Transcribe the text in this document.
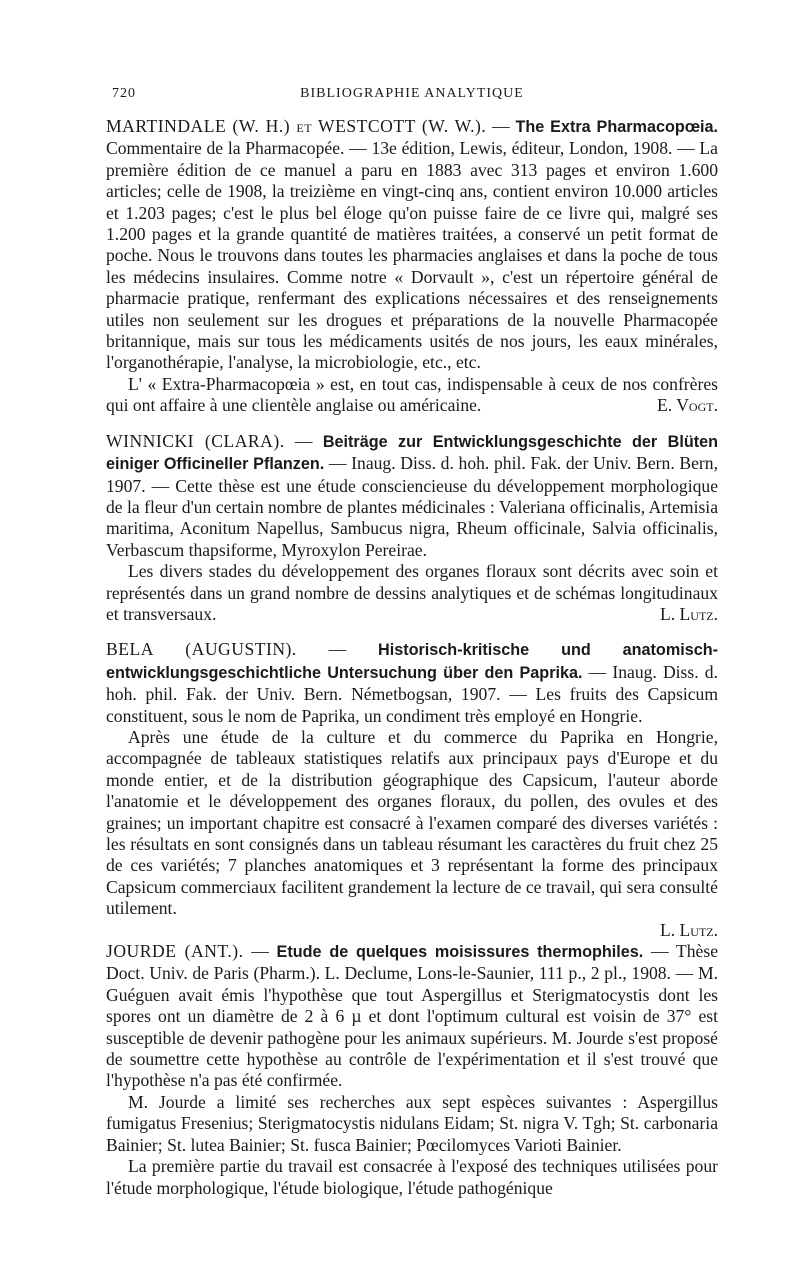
720	BIBLIOGRAPHIE ANALYTIQUE

MARTINDALE (W. H.) et WESTCOTT (W. W.). — The Extra Pharmacopœia. Commentaire de la Pharmacopée. — 13e édition, Lewis, éditeur, London, 1908. — La première édition de ce manuel a paru en 1883 avec 313 pages et environ 1.600 articles; celle de 1908, la treizième en vingt-cinq ans, contient environ 10.000 articles et 1.203 pages; c'est le plus bel éloge qu'on puisse faire de ce livre qui, malgré ses 1.200 pages et la grande quantité de matières traitées, a conservé un petit format de poche. Nous le trouvons dans toutes les pharmacies anglaises et dans la poche de tous les médecins insulaires. Comme notre « Dorvault », c'est un répertoire général de pharmacie pratique, renfermant des explications nécessaires et des renseignements utiles non seulement sur les drogues et préparations de la nouvelle Pharmacopée britannique, mais sur tous les médicaments usités de nos jours, les eaux minérales, l'organothérapie, l'analyse, la microbiologie, etc., etc.

L' « Extra-Pharmacopœia » est, en tout cas, indispensable à ceux de nos confrères qui ont affaire à une clientèle anglaise ou américaine.	E. Vogt.

WINNICKI (CLARA). — Beiträge zur Entwicklungsgeschichte der Blüten einiger Officineller Pflanzen. — Inaug. Diss. d. hoh. phil. Fak. der Univ. Bern. Bern, 1907. — Cette thèse est une étude consciencieuse du développement morphologique de la fleur d'un certain nombre de plantes médicinales : Valeriana officinalis, Artemisia maritima, Aconitum Napellus, Sambucus nigra, Rheum officinale, Salvia officinalis, Verbascum thapsiforme, Myroxylon Pereirae.

Les divers stades du développement des organes floraux sont décrits avec soin et représentés dans un grand nombre de dessins analytiques et de schémas longitudinaux et transversaux.	L. Lutz.

BELA (AUGUSTIN). — Historisch-kritische und anatomisch-entwicklungsgeschichtliche Untersuchung über den Paprika. — Inaug. Diss. d. hoh. phil. Fak. der Univ. Bern. Németbogsan, 1907. — Les fruits des Capsicum constituent, sous le nom de Paprika, un condiment très employé en Hongrie.

Après une étude de la culture et du commerce du Paprika en Hongrie, accompagnée de tableaux statistiques relatifs aux principaux pays d'Europe et du monde entier, et de la distribution géographique des Capsicum, l'auteur aborde l'anatomie et le développement des organes floraux, du pollen, des ovules et des graines; un important chapitre est consacré à l'examen comparé des diverses variétés : les résultats en sont consignés dans un tableau résumant les caractères du fruit chez 25 de ces variétés; 7 planches anatomiques et 3 représentant la forme des principaux Capsicum commerciaux facilitent grandement la lecture de ce travail, qui sera consulté utilement.

L. Lutz.

JOURDE (ANT.). — Etude de quelques moisissures thermophiles. — Thèse Doct. Univ. de Paris (Pharm.). L. Declume, Lons-le-Saunier, 111 p., 2 pl., 1908. — M. Guéguen avait émis l'hypothèse que tout Aspergillus et Sterigmatocystis dont les spores ont un diamètre de 2 à 6 µ et dont l'optimum cultural est voisin de 37° est susceptible de devenir pathogène pour les animaux supérieurs. M. Jourde s'est proposé de soumettre cette hypothèse au contrôle de l'expérimentation et il s'est trouvé que l'hypothèse n'a pas été confirmée.

M. Jourde a limité ses recherches aux sept espèces suivantes : Aspergillus fumigatus Fresenius; Sterigmatocystis nidulans Eidam; St. nigra V. Tgh; St. carbonaria Bainier; St. lutea Bainier; St. fusca Bainier; Pœcilomyces Varioti Bainier.

La première partie du travail est consacrée à l'exposé des techniques utilisées pour l'étude morphologique, l'étude biologique, l'étude pathogénique
